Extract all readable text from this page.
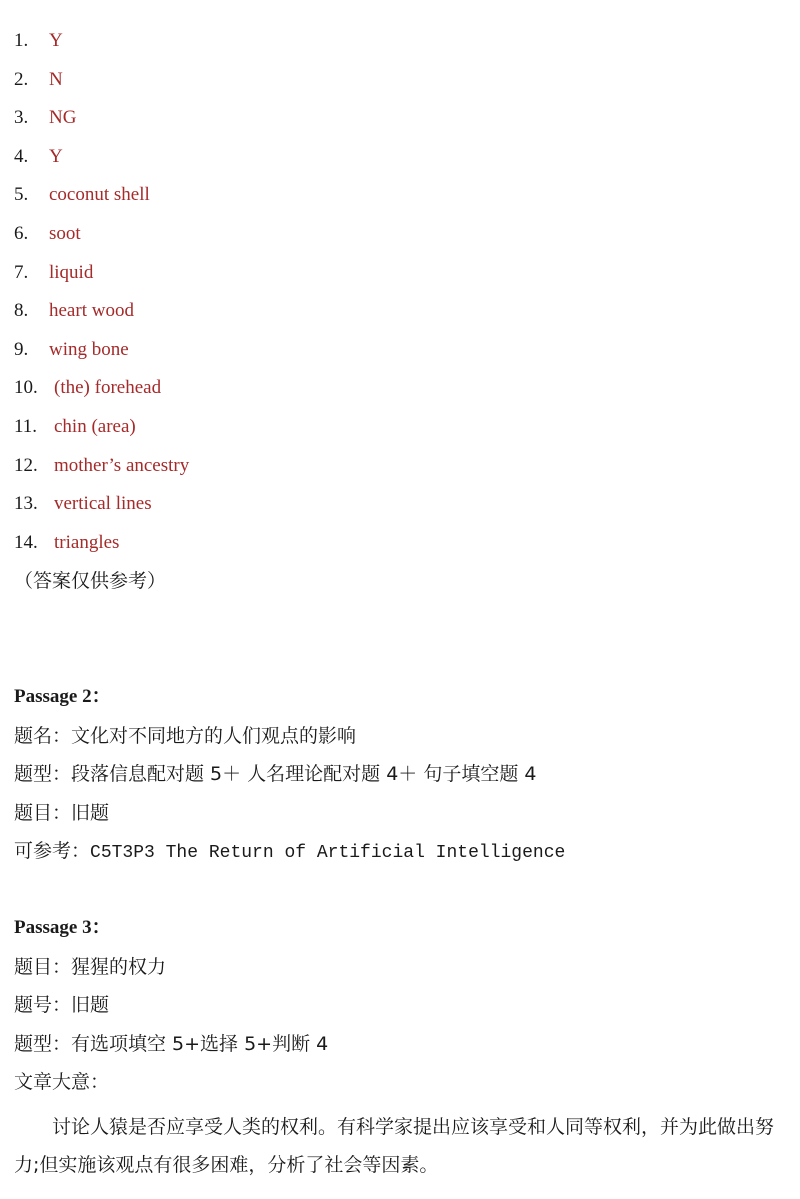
1. Y
2. N
3. NG
4. Y
5. coconut shell
6. soot
7. liquid
8. heart wood
9. wing bone
10. (the) forehead
11. chin (area)
12. mother’s ancestry
13. vertical lines
14. triangles
（答案仅供参考）
Passage 2：
题名：文化对不同地方的人们观点的影响
题型：段落信息配对题 5＋ 人名理论配对题 4＋ 句子填空题 4
题目：旧题
可参考：C5T3P3 The Return of Artificial Intelligence
Passage 3：
题目：猩猩的权力
题号：旧题
题型：有选项填空 5+选择 5+判断 4
文章大意：
讨论人猿是否应享受人类的权利。有科学家提出应该享受和人同等权利，并为此做出努力;但实施该观点有很多困难，分析了社会等因素。
